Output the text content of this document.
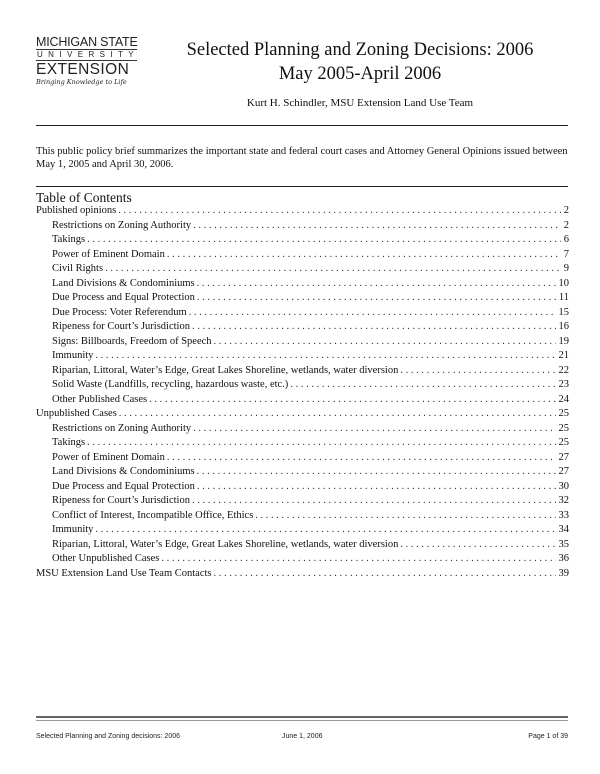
MICHIGAN STATE
UNIVERSITY
EXTENSION
Bringing Knowledge to Life
Selected Planning and Zoning Decisions: 2006
May 2005-April 2006
Kurt H. Schindler, MSU Extension Land Use Team
This public policy brief summarizes the important state and federal court cases and Attorney General Opinions issued between May 1, 2005 and April 30, 2006.
Table of Contents
Published opinions . . .	2
Restrictions on Zoning Authority . . .	2
Takings . . .	6
Power of Eminent Domain . . .	7
Civil Rights . . .	9
Land Divisions & Condominiums . . .	10
Due Process and Equal Protection . . .	11
Due Process: Voter Referendum . . .	15
Ripeness for Court’s Jurisdiction . . .	16
Signs: Billboards, Freedom of Speech . . .	19
Immunity . . .	21
Riparian, Littoral, Water’s Edge, Great Lakes Shoreline, wetlands, water diversion . . .	22
Solid Waste (Landfills, recycling, hazardous waste, etc.) . . .	23
Other Published Cases . . .	24
Unpublished Cases . . .	25
Restrictions on Zoning Authority . . .	25
Takings . . .	25
Power of Eminent Domain . . .	27
Land Divisions & Condominiums . . .	27
Due Process and Equal Protection . . .	30
Ripeness for Court’s Jurisdiction . . .	32
Conflict of Interest, Incompatible Office, Ethics . . .	33
Immunity . . .	34
Riparian, Littoral, Water’s Edge, Great Lakes Shoreline, wetlands, water diversion . . .	35
Other Unpublished Cases . . .	36
MSU Extension Land Use Team Contacts . . .	39
Selected Planning and Zoning decisions: 2006	June 1, 2006	Page 1 of 39
